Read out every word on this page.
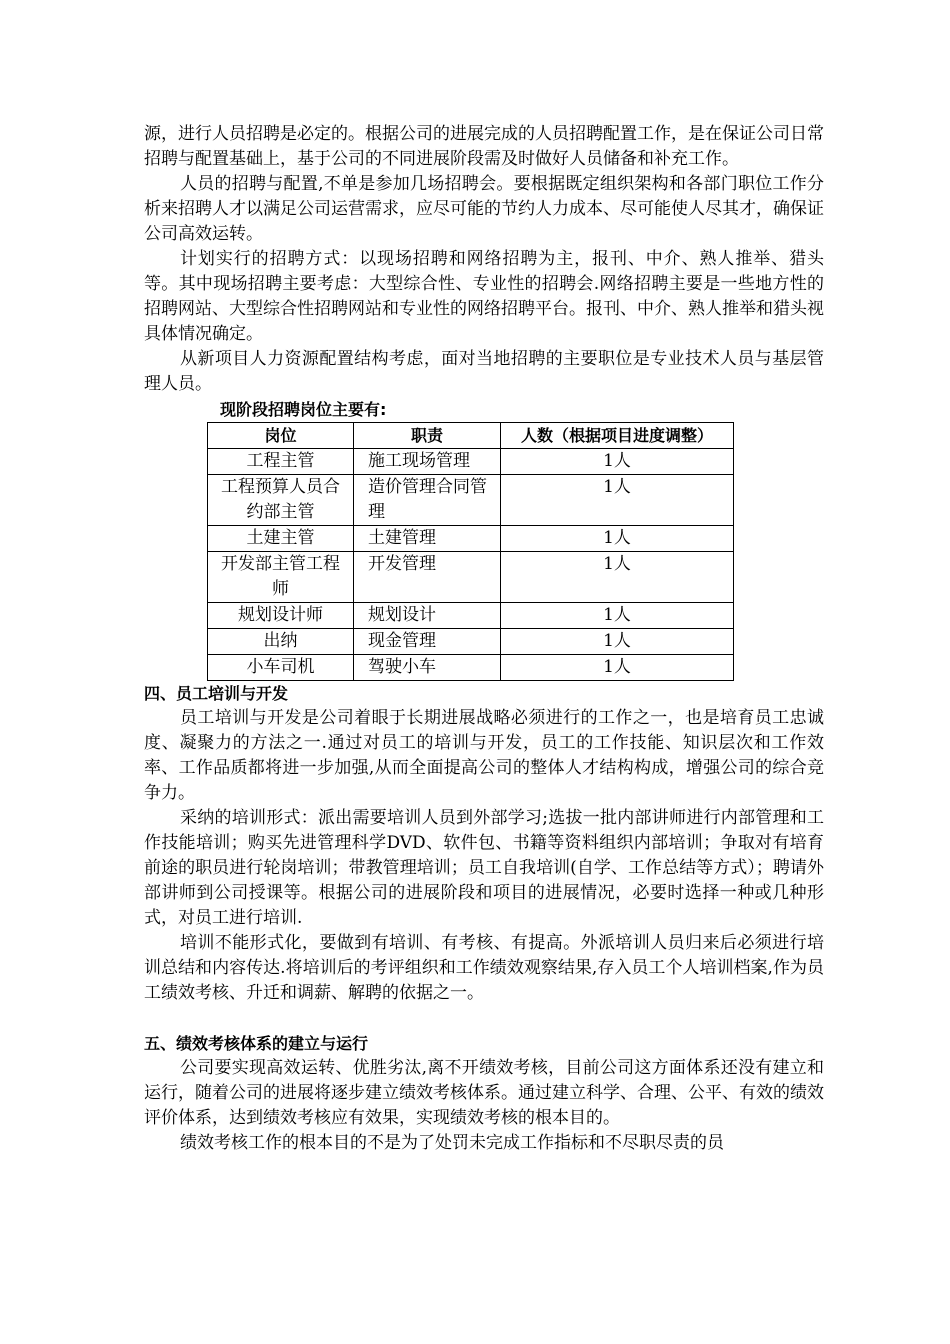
源，进行人员招聘是必定的。根据公司的进展完成的人员招聘配置工作，是在保证公司日常招聘与配置基础上，基于公司的不同进展阶段需及时做好人员储备和补充工作。

人员的招聘与配置,不单是参加几场招聘会。要根据既定组织架构和各部门职位工作分析来招聘人才以满足公司运营需求，应尽可能的节约人力成本、尽可能使人尽其才，确保证公司高效运转。

计划实行的招聘方式：以现场招聘和网络招聘为主，报刊、中介、熟人推举、猎头等。其中现场招聘主要考虑：大型综合性、专业性的招聘会.网络招聘主要是一些地方性的招聘网站、大型综合性招聘网站和专业性的网络招聘平台。报刊、中介、熟人推举和猎头视具体情况确定。

从新项目人力资源配置结构考虑，面对当地招聘的主要职位是专业技术人员与基层管理人员。

现阶段招聘岗位主要有:

岗位	职责	人数（根据项目进度调整）
工程主管	施工现场管理	1人
工程预算人员合约部主管	造价管理合同管理	1人
土建主管	土建管理	1人
开发部主管工程师	开发管理	1人
规划设计师	规划设计	1人
出纳	现金管理	1人
小车司机	驾驶小车	1人

四、员工培训与开发

员工培训与开发是公司着眼于长期进展战略必须进行的工作之一，也是培育员工忠诚度、凝聚力的方法之一.通过对员工的培训与开发，员工的工作技能、知识层次和工作效率、工作品质都将进一步加强,从而全面提高公司的整体人才结构构成，增强公司的综合竞争力。

采纳的培训形式：派出需要培训人员到外部学习;选拔一批内部讲师进行内部管理和工作技能培训；购买先进管理科学DVD、软件包、书籍等资料组织内部培训；争取对有培育前途的职员进行轮岗培训；带教管理培训；员工自我培训(自学、工作总结等方式）；聘请外部讲师到公司授课等。根据公司的进展阶段和项目的进展情况，必要时选择一种或几种形式，对员工进行培训.

培训不能形式化，要做到有培训、有考核、有提高。外派培训人员归来后必须进行培训总结和内容传达.将培训后的考评组织和工作绩效观察结果,存入员工个人培训档案,作为员工绩效考核、升迁和调薪、解聘的依据之一。

五、绩效考核体系的建立与运行

公司要实现高效运转、优胜劣汰,离不开绩效考核，目前公司这方面体系还没有建立和运行，随着公司的进展将逐步建立绩效考核体系。通过建立科学、合理、公平、有效的绩效评价体系，达到绩效考核应有效果，实现绩效考核的根本目的。

绩效考核工作的根本目的不是为了处罚未完成工作指标和不尽职尽责的员
